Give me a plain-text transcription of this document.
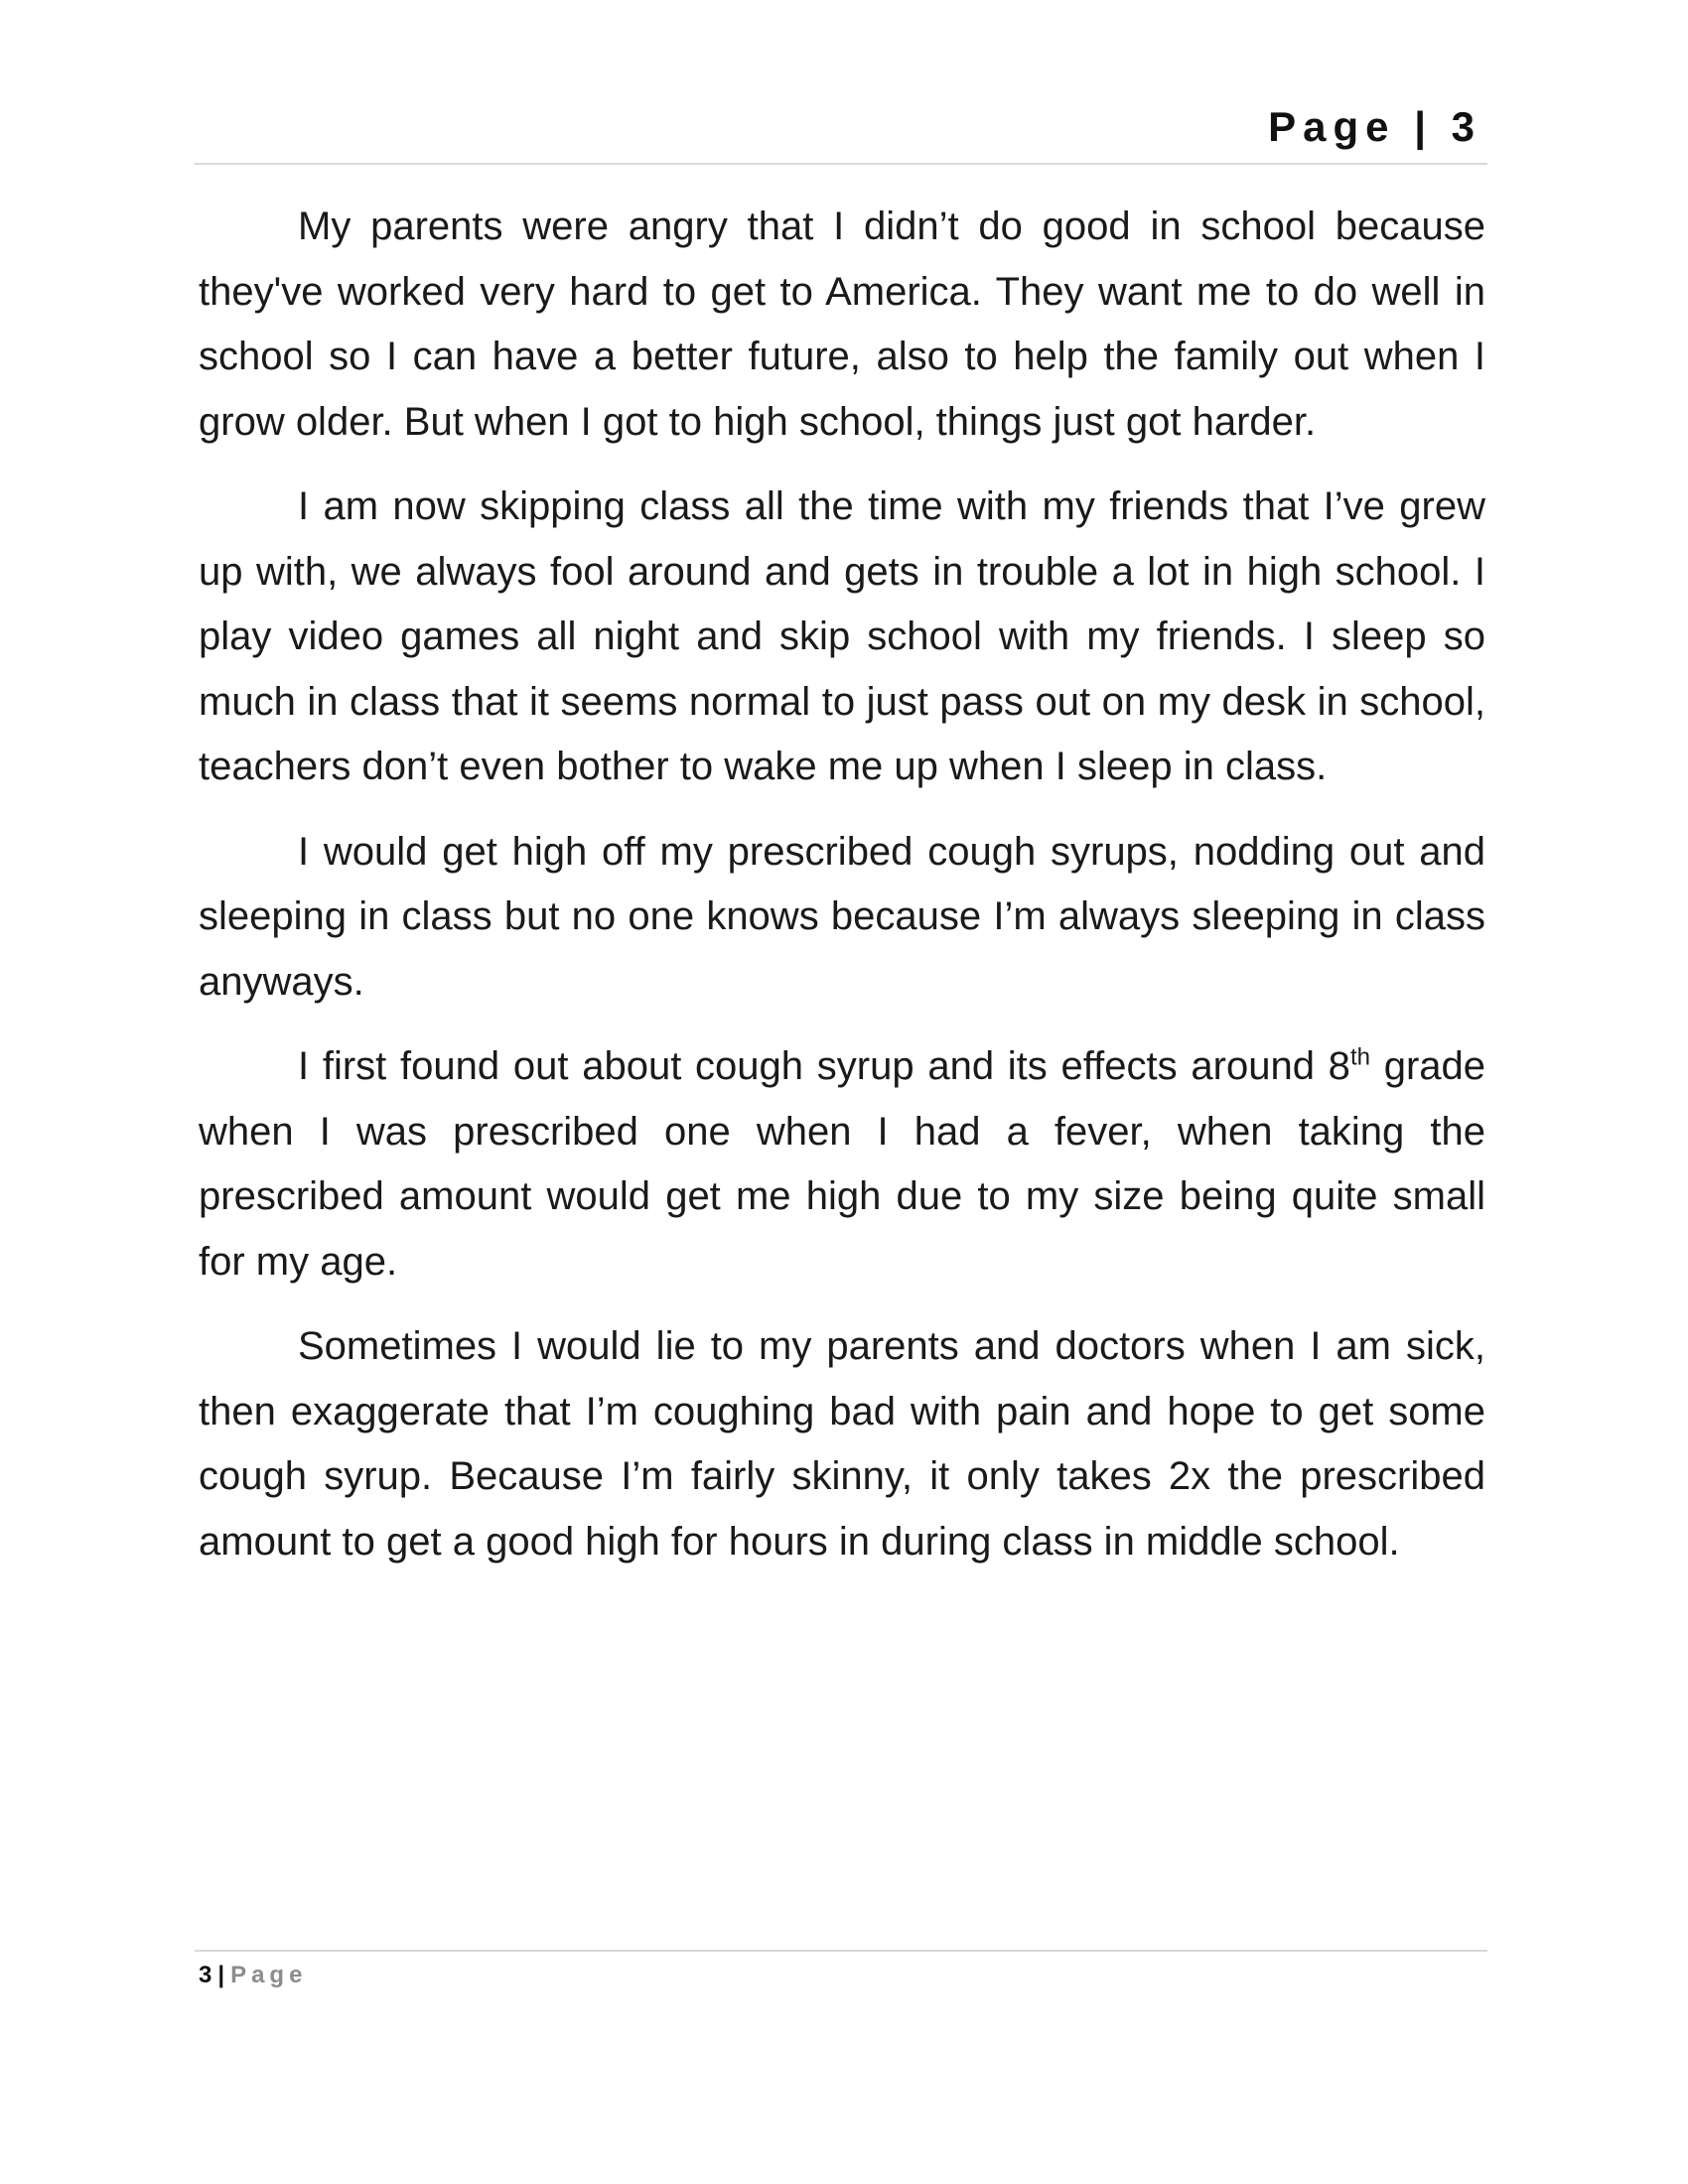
Page | 3

My parents were angry that I didn’t do good in school because they've worked very hard to get to America. They want me to do well in school so I can have a better future, also to help the family out when I grow older. But when I got to high school, things just got harder.

I am now skipping class all the time with my friends that I’ve grew up with, we always fool around and gets in trouble a lot in high school. I play video games all night and skip school with my friends. I sleep so much in class that it seems normal to just pass out on my desk in school, teachers don’t even bother to wake me up when I sleep in class.

I would get high off my prescribed cough syrups, nodding out and sleeping in class but no one knows because I’m always sleeping in class anyways.

I first found out about cough syrup and its effects around 8th grade when I was prescribed one when I had a fever, when taking the prescribed amount would get me high due to my size being quite small for my age.

Sometimes I would lie to my parents and doctors when I am sick, then exaggerate that I’m coughing bad with pain and hope to get some cough syrup. Because I’m fairly skinny, it only takes 2x the prescribed amount to get a good high for hours in during class in middle school.

3 | Page
